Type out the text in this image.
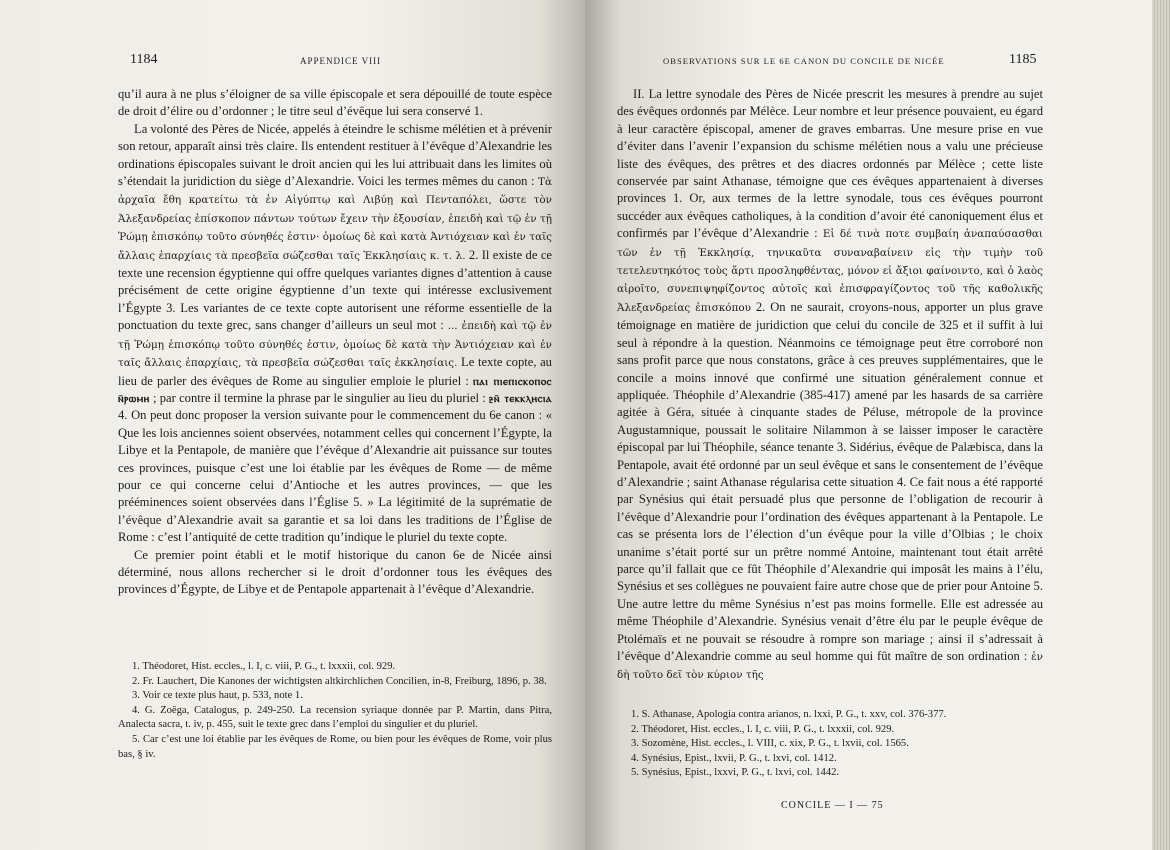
1184	APPENDICE VIII

qu’il aura à ne plus s’éloigner de sa ville épiscopale et sera dépouillé de toute espèce de droit d’élire ou d’ordonner ; le titre seul d’évêque lui sera conservé 1.

La volonté des Pères de Nicée, appelés à éteindre le schisme mélétien et à prévenir son retour, apparaît ainsi très claire. Ils entendent restituer à l’évêque d’Alexandrie les ordinations épiscopales suivant le droit ancien qui les lui attribuait dans les limites où s’étendait la juridiction du siège d’Alexandrie. Voici les termes mêmes du canon : Τὰ ἀρχαῖα ἔθη κρατείτω τὰ ἐν Αἰγύπτῳ καὶ Λιβύῃ καὶ Πενταπόλει, ὥστε τὸν Ἀλεξανδρείας ἐπίσκοπον πάντων τούτων ἔχειν τὴν ἐξουσίαν, ἐπειδὴ καὶ τῷ ἐν τῇ Ῥώμῃ ἐπισκόπῳ τοῦτο σύνηθές ἐστιν· ὁμοίως δὲ καὶ κατὰ Ἀντιόχειαν καὶ ἐν ταῖς ἄλλαις ἐπαρχίαις τὰ πρεσβεῖα σώζεσθαι ταῖς Ἐκκλησίαις κ. τ. λ. 2. Il existe de ce texte une recension égyptienne qui offre quelques variantes dignes d’attention à cause précisément de cette origine égyptienne d’un texte qui intéresse exclusivement l’Égypte 3. Les variantes de ce texte copte autorisent une réforme essentielle de la ponctuation du texte grec, sans changer d’ailleurs un seul mot : ... ἐπειδὴ καὶ τῷ ἐν τῇ Ῥώμῃ ἐπισκόπῳ τοῦτο σύνηθές ἐστιν, ὁμοίως δὲ κατὰ τὴν Ἀντιόχειαν καὶ ἐν ταῖς ἄλλαις ἐπαρχίαις, τὰ πρεσβεῖα σώζεσθαι ταῖς ἐκκλησίαις. Le texte copte, au lieu de parler des évêques de Rome au singulier emploie le pluriel : ⲡⲁⲓ ⲡⲓⲉⲡⲓⲥⲕⲟⲡⲟⲥ ⲛ̄ⲣⲱⲙⲏ ; par contre il termine la phrase par le singulier au lieu du pluriel : ⳉⲛ̄ ⲧⲉⲕⲕⲗⲏⲥⲓⲁ 4. On peut donc proposer la version suivante pour le commencement du 6e canon : « Que les lois anciennes soient observées, notamment celles qui concernent l’Égypte, la Libye et la Pentapole, de manière que l’évêque d’Alexandrie ait puissance sur toutes ces provinces, puisque c’est une loi établie par les évêques de Rome — de même pour ce qui concerne celui d’Antioche et les autres provinces, — que les prééminences soient observées dans l’Église 5. » La légitimité de la suprématie de l’évêque d’Alexandrie avait sa garantie et sa loi dans les traditions de l’Église de Rome : c’est l’antiquité de cette tradition qu’indique le pluriel du texte copte.

Ce premier point établi et le motif historique du canon 6e de Nicée ainsi déterminé, nous allons rechercher si le droit d’ordonner tous les évêques des provinces d’Égypte, de Libye et de Pentapole appartenait à l’évêque d’Alexandrie.

1. Théodoret, Hist. eccles., l. I, c. viii, P. G., t. lxxxii, col. 929.

2. Fr. Lauchert, Die Kanones der wichtigsten altkirchlichen Concilien, in-8, Freiburg, 1896, p. 38.

3. Voir ce texte plus haut, p. 533, note 1.

4. G. Zoëga, Catalogus, p. 249-250. La recension syriaque donnée par P. Martin, dans Pitra, Analecta sacra, t. iv, p. 455, suit le texte grec dans l’emploi du singulier et du pluriel.

5. Car c’est une loi établie par les évêques de Rome, ou bien pour les évêques de Rome, voir plus bas, § iv.

OBSERVATIONS SUR LE 6E CANON DU CONCILE DE NICÉE	1185

II. La lettre synodale des Pères de Nicée prescrit les mesures à prendre au sujet des évêques ordonnés par Mélèce. Leur nombre et leur présence pouvaient, eu égard à leur caractère épiscopal, amener de graves embarras. Une mesure prise en vue d’éviter dans l’avenir l’expansion du schisme mélétien nous a valu une précieuse liste des évêques, des prêtres et des diacres ordonnés par Mélèce ; cette liste conservée par saint Athanase, témoigne que ces évêques appartenaient à diverses provinces 1. Or, aux termes de la lettre synodale, tous ces évêques pourront succéder aux évêques catholiques, à la condition d’avoir été canoniquement élus et confirmés par l’évêque d’Alexandrie : Εἰ δέ τινὰ ποτε συμβαίη ἀναπαύσασθαι τῶν ἐν τῇ Ἐκκλησίᾳ, τηνικαῦτα συναναβαίνειν εἰς τὴν τιμὴν τοῦ τετελευτηκότος τοὺς ἄρτι προσληφθέντας, μόνον εἰ ἄξιοι φαίνοιντο, καὶ ὁ λαὸς αἱροῖτο, συνεπιψηφίζοντος αὐτοῖς καὶ ἐπισφραγίζοντος τοῦ τῆς καθολικῆς Ἀλεξανδρείας ἐπισκόπου 2. On ne saurait, croyons-nous, apporter un plus grave témoignage en matière de juridiction que celui du concile de 325 et il suffit à lui seul à répondre à la question. Néanmoins ce témoignage peut être corroboré non sans profit parce que nous constatons, grâce à ces preuves supplémentaires, que le concile a moins innové que confirmé une situation généralement connue et appliquée. Théophile d’Alexandrie (385-417) amené par les hasards de sa carrière agitée à Géra, située à cinquante stades de Péluse, métropole de la province Augustamnique, poussait le solitaire Nilammon à se laisser imposer le caractère épiscopal par lui Théophile, séance tenante 3. Sidérius, évêque de Palæbisca, dans la Pentapole, avait été ordonné par un seul évêque et sans le consentement de l’évêque d’Alexandrie ; saint Athanase régularisa cette situation 4. Ce fait nous a été rapporté par Synésius qui était persuadé plus que personne de l’obligation de recourir à l’évêque d’Alexandrie pour l’ordination des évêques appartenant à la Pentapole. Le cas se présenta lors de l’élection d’un évêque pour la ville d’Olbias ; le choix unanime s’était porté sur un prêtre nommé Antoine, maintenant tout était arrêté parce qu’il fallait que ce fût Théophile d’Alexandrie qui imposât les mains à l’élu, Synésius et ses collègues ne pouvaient faire autre chose que de prier pour Antoine 5. Une autre lettre du même Synésius n’est pas moins formelle. Elle est adressée au même Théophile d’Alexandrie. Synésius venait d’être élu par le peuple évêque de Ptolémaïs et ne pouvait se résoudre à rompre son mariage ; ainsi il s’adressait à l’évêque d’Alexandrie comme au seul homme qui fût maître de son ordination : ἐν δὴ τοῦτο δεῖ τὸν κύριον τῆς

1. S. Athanase, Apologia contra arianos, n. lxxi, P. G., t. xxv, col. 376-377.

2. Théodoret, Hist. eccles., l. I, c. viii, P. G., t. lxxxii, col. 929.

3. Sozomène, Hist. eccles., l. VIII, c. xix, P. G., t. lxvii, col. 1565.

4. Synésius, Epist., lxvii, P. G., t. lxvi, col. 1412.

5. Synésius, Epist., lxxvi, P. G., t. lxvi, col. 1442.

CONCILE — I — 75
